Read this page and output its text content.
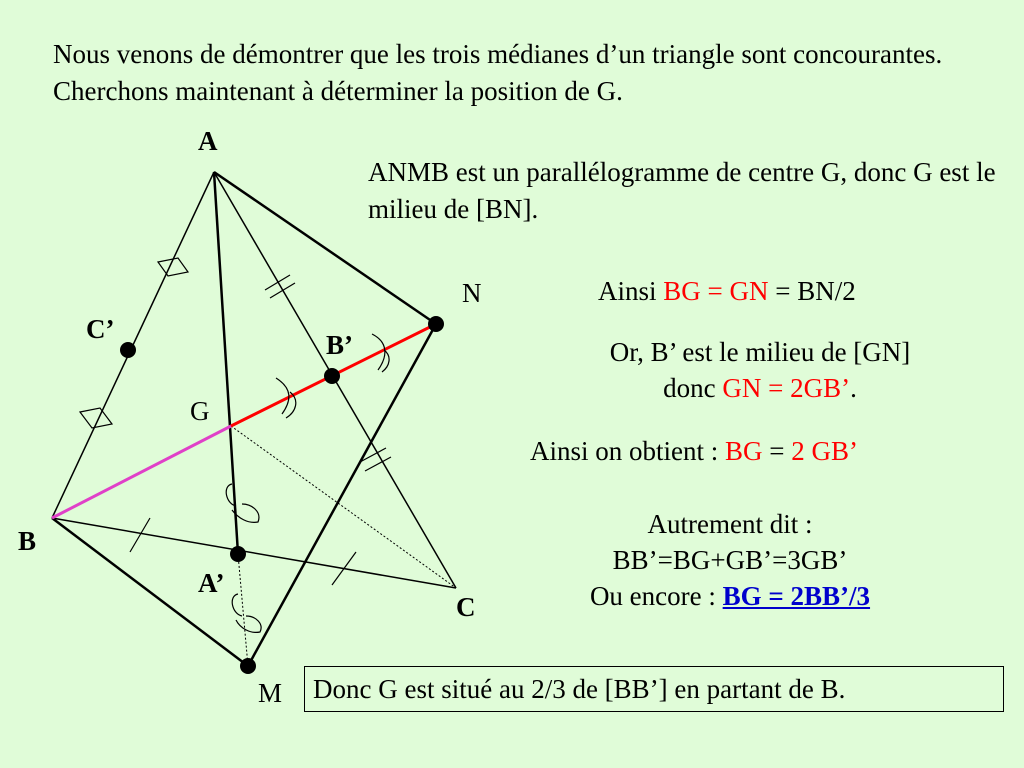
Nous venons de démontrer que les trois médianes d’un triangle sont concourantes. Cherchons maintenant à déterminer la position de G.
ANMB est un parallélogramme de centre G, donc G est le milieu de [BN].
Ainsi BG = GN = BN/2
Or, B’ est le milieu de [GN]
donc GN = 2GB’.
Ainsi on obtient : BG = 2 GB’
Autrement dit :
BB’=BG+GB’=3GB’
Ou encore : BG = 2BB’/3
Donc G est situé au 2/3 de [BB’] en partant de B.
A
B
C
N
M
G
C’
B’
A’
